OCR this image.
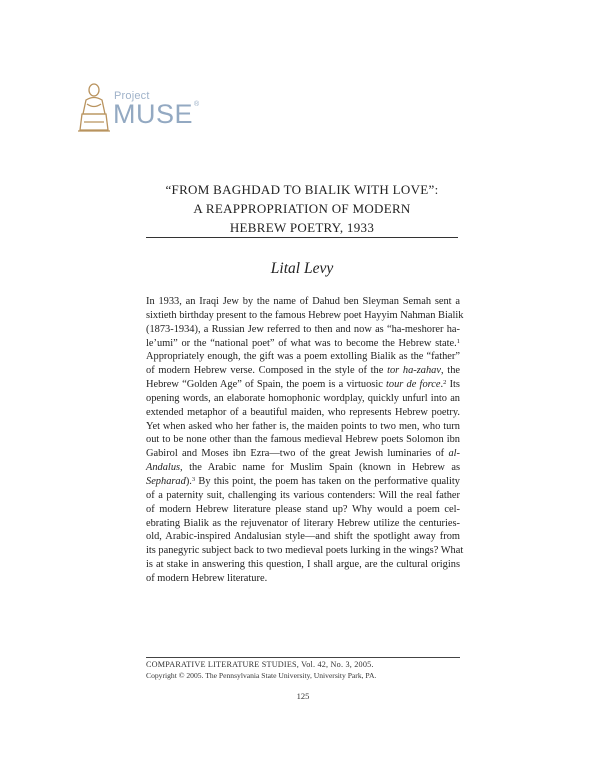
Project
MUSE ®
“FROM BAGHDAD TO BIALIK WITH LOVE”:
A REAPPROPRIATION OF MODERN
HEBREW POETRY, 1933
Lital Levy
In 1933, an Iraqi Jew by the name of Dahud ben Sleyman Semah sent a
sixtieth birthday present to the famous Hebrew poet Hayyim Nahman Bialik
(1873-1934), a Russian Jew referred to then and now as “ha-meshorer ha-
le’umi” or the “national poet” of what was to become the Hebrew state.$^1$
Appropriately enough, the gift was a poem extolling Bialik as the “father”
of modern Hebrew verse. Composed in the style of the tor ha-zahav, the
Hebrew “Golden Age” of Spain, the poem is a virtuosic tour de force.$^2$ Its
opening words, an elaborate homophonic wordplay, quickly unfurl into an
extended metaphor of a beautiful maiden, who represents Hebrew poetry.
Yet when asked who her father is, the maiden points to two men, who turn
out to be none other than the famous medieval Hebrew poets Solomon ibn
Gabirol and Moses ibn Ezra—two of the great Jewish luminaries of al-
Andalus, the Arabic name for Muslim Spain (known in Hebrew as
Sepharad).$^3$ By this point, the poem has taken on the performative quality
of a paternity suit, challenging its various contenders: Will the real father
of modern Hebrew literature please stand up? Why would a poem cel-
ebrating Bialik as the rejuvenator of literary Hebrew utilize the centuries-
old, Arabic-inspired Andalusian style—and shift the spotlight away from
its panegyric subject back to two medieval poets lurking in the wings? What
is at stake in answering this question, I shall argue, are the cultural origins
of modern Hebrew literature.
COMPARATIVE LITERATURE STUDIES, Vol. 42, No. 3, 2005.
Copyright © 2005. The Pennsylvania State University, University Park, PA.
125
